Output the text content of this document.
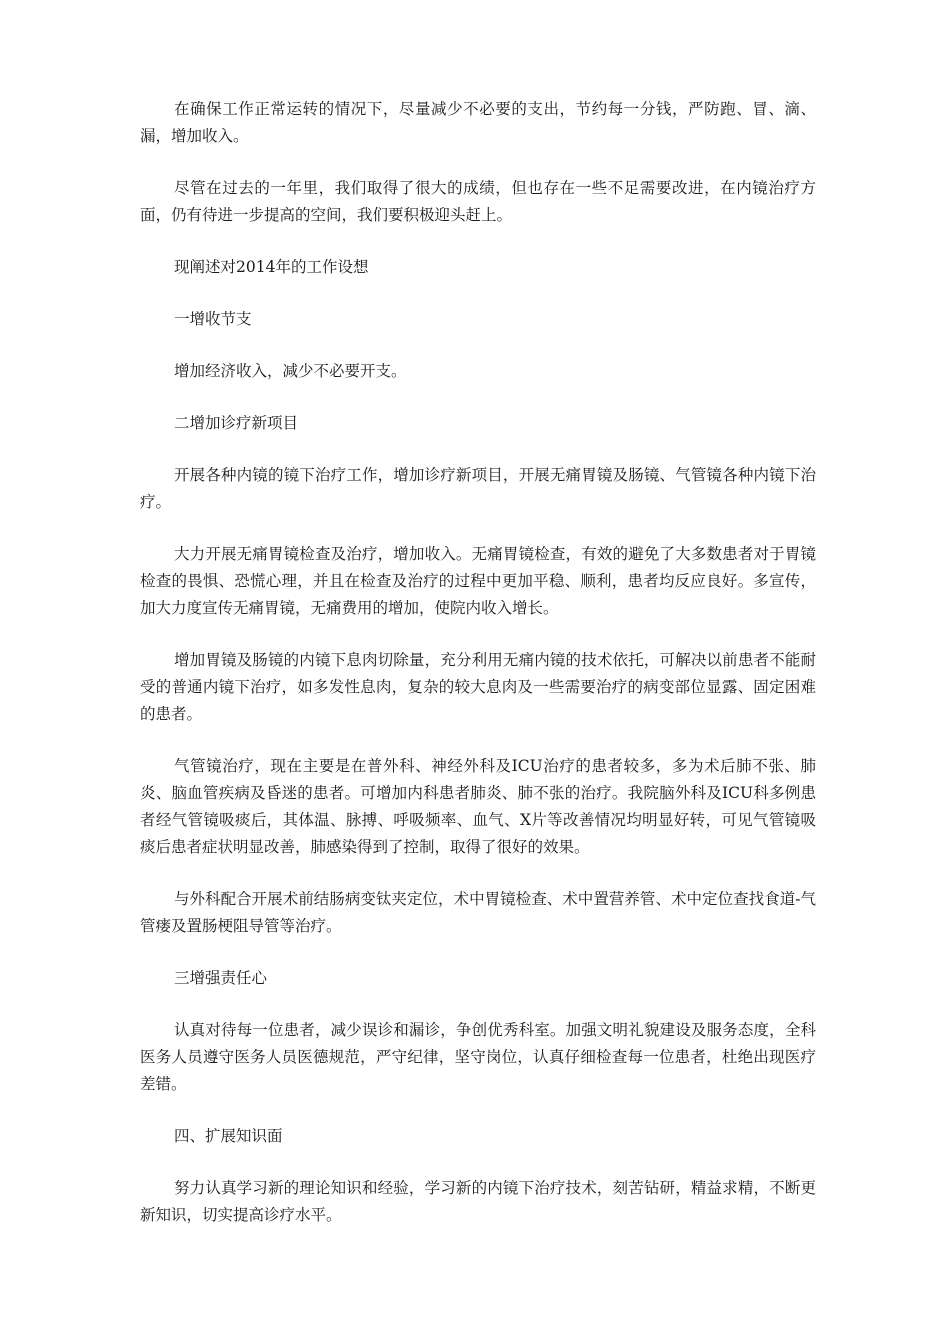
在确保工作正常运转的情况下，尽量减少不必要的支出，节约每一分钱，严防跑、冒、滴、漏，增加收入。

尽管在过去的一年里，我们取得了很大的成绩，但也存在一些不足需要改进，在内镜治疗方面，仍有待进一步提高的空间，我们要积极迎头赶上。

现阐述对2014年的工作设想

一增收节支

增加经济收入，减少不必要开支。

二增加诊疗新项目

开展各种内镜的镜下治疗工作，增加诊疗新项目，开展无痛胃镜及肠镜、气管镜各种内镜下治疗。

大力开展无痛胃镜检查及治疗，增加收入。无痛胃镜检查，有效的避免了大多数患者对于胃镜检查的畏惧、恐慌心理，并且在检查及治疗的过程中更加平稳、顺利，患者均反应良好。多宣传，加大力度宣传无痛胃镜，无痛费用的增加，使院内收入增长。

增加胃镜及肠镜的内镜下息肉切除量，充分利用无痛内镜的技术依托，可解决以前患者不能耐受的普通内镜下治疗，如多发性息肉，复杂的较大息肉及一些需要治疗的病变部位显露、固定困难的患者。

气管镜治疗，现在主要是在普外科、神经外科及ICU治疗的患者较多，多为术后肺不张、肺炎、脑血管疾病及昏迷的患者。可增加内科患者肺炎、肺不张的治疗。我院脑外科及ICU科多例患者经气管镜吸痰后，其体温、脉搏、呼吸频率、血气、X片等改善情况均明显好转，可见气管镜吸痰后患者症状明显改善，肺感染得到了控制，取得了很好的效果。

与外科配合开展术前结肠病变钛夹定位，术中胃镜检查、术中置营养管、术中定位查找食道-气管瘘及置肠梗阻导管等治疗。

三增强责任心

认真对待每一位患者，减少误诊和漏诊，争创优秀科室。加强文明礼貌建设及服务态度，全科医务人员遵守医务人员医德规范，严守纪律，坚守岗位，认真仔细检查每一位患者，杜绝出现医疗差错。

四、扩展知识面

努力认真学习新的理论知识和经验，学习新的内镜下治疗技术，刻苦钻研，精益求精，不断更新知识，切实提高诊疗水平。
